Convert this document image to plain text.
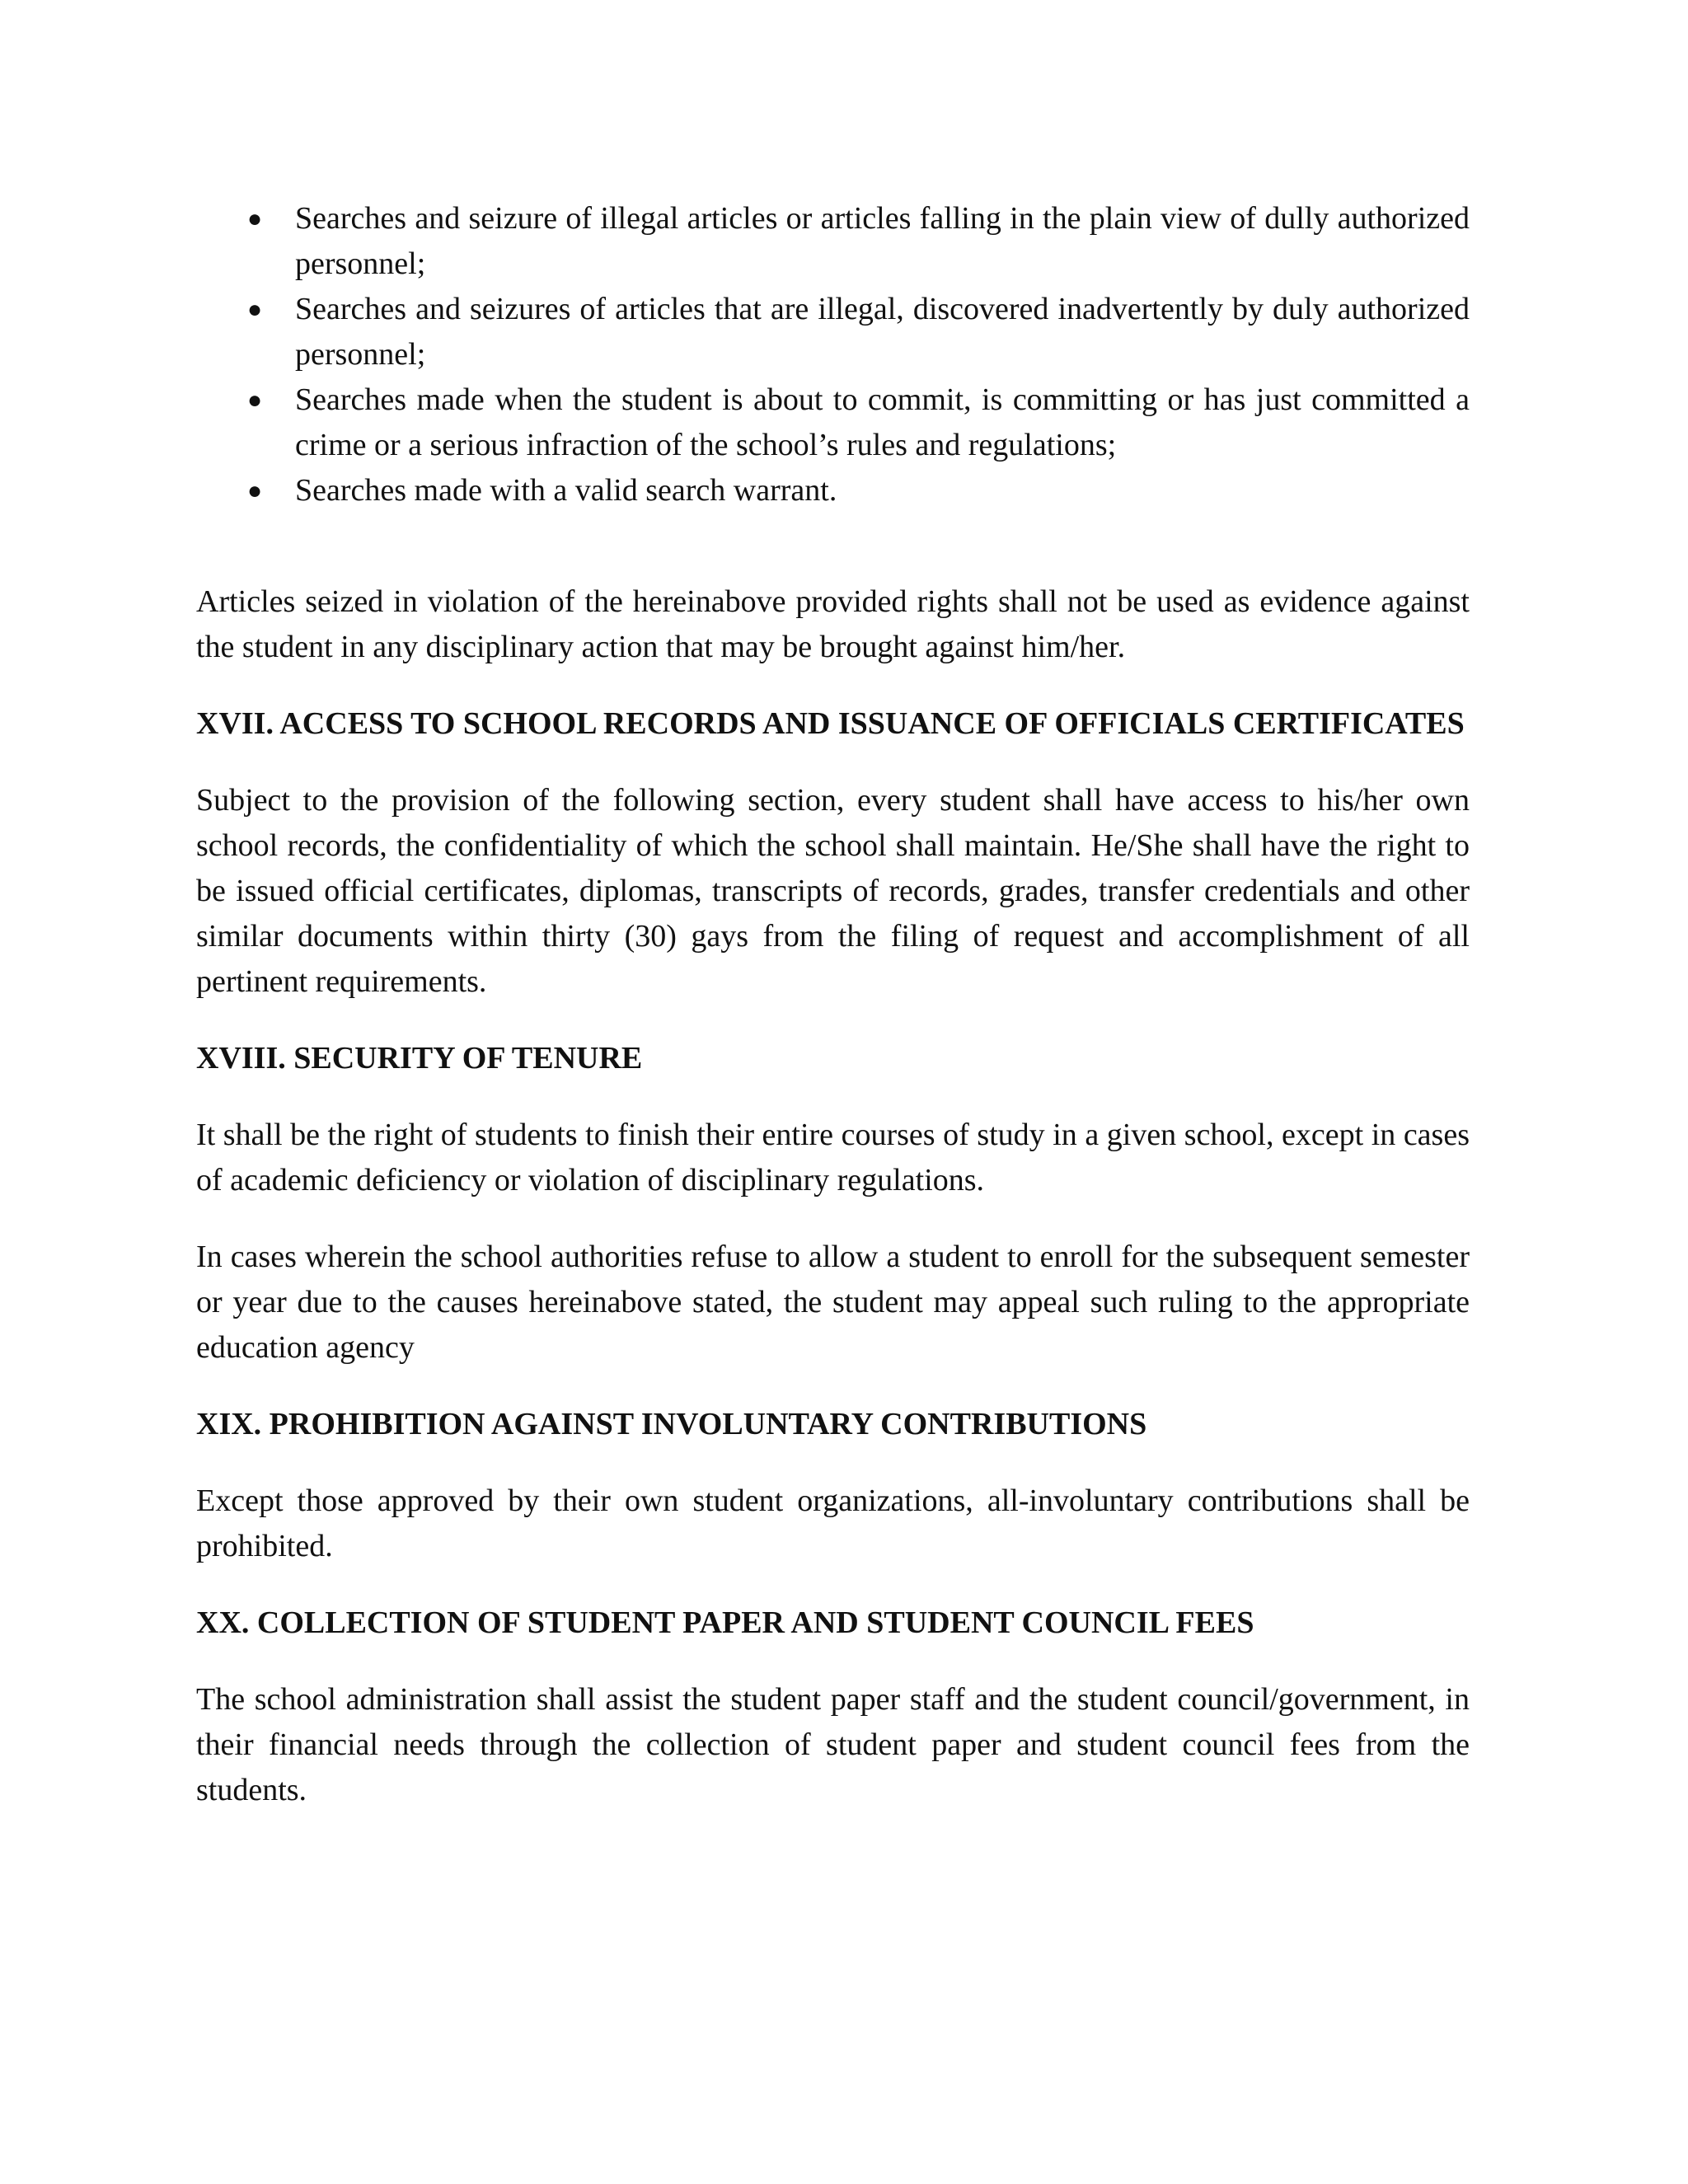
● Searches and seizure of illegal articles or articles falling in the plain view of dully authorized personnel;
● Searches and seizures of articles that are illegal, discovered inadvertently by duly authorized personnel;
● Searches made when the student is about to commit, is committing or has just committed a crime or a serious infraction of the school’s rules and regulations;
● Searches made with a valid search warrant.

Articles seized in violation of the hereinabove provided rights shall not be used as evidence against the student in any disciplinary action that may be brought against him/her.

XVII. ACCESS TO SCHOOL RECORDS AND ISSUANCE OF OFFICIALS CERTIFICATES

Subject to the provision of the following section, every student shall have access to his/her own school records, the confidentiality of which the school shall maintain. He/She shall have the right to be issued official certificates, diplomas, transcripts of records, grades, transfer credentials and other similar documents within thirty (30) gays from the filing of request and accomplishment of all pertinent requirements.

XVIII. SECURITY OF TENURE

It shall be the right of students to finish their entire courses of study in a given school, except in cases of academic deficiency or violation of disciplinary regulations.

In cases wherein the school authorities refuse to allow a student to enroll for the subsequent semester or year due to the causes hereinabove stated, the student may appeal such ruling to the appropriate education agency

XIX. PROHIBITION AGAINST INVOLUNTARY CONTRIBUTIONS

Except those approved by their own student organizations, all-involuntary contributions shall be prohibited.

XX. COLLECTION OF STUDENT PAPER AND STUDENT COUNCIL FEES

The school administration shall assist the student paper staff and the student council/government, in their financial needs through the collection of student paper and student council fees from the students.
